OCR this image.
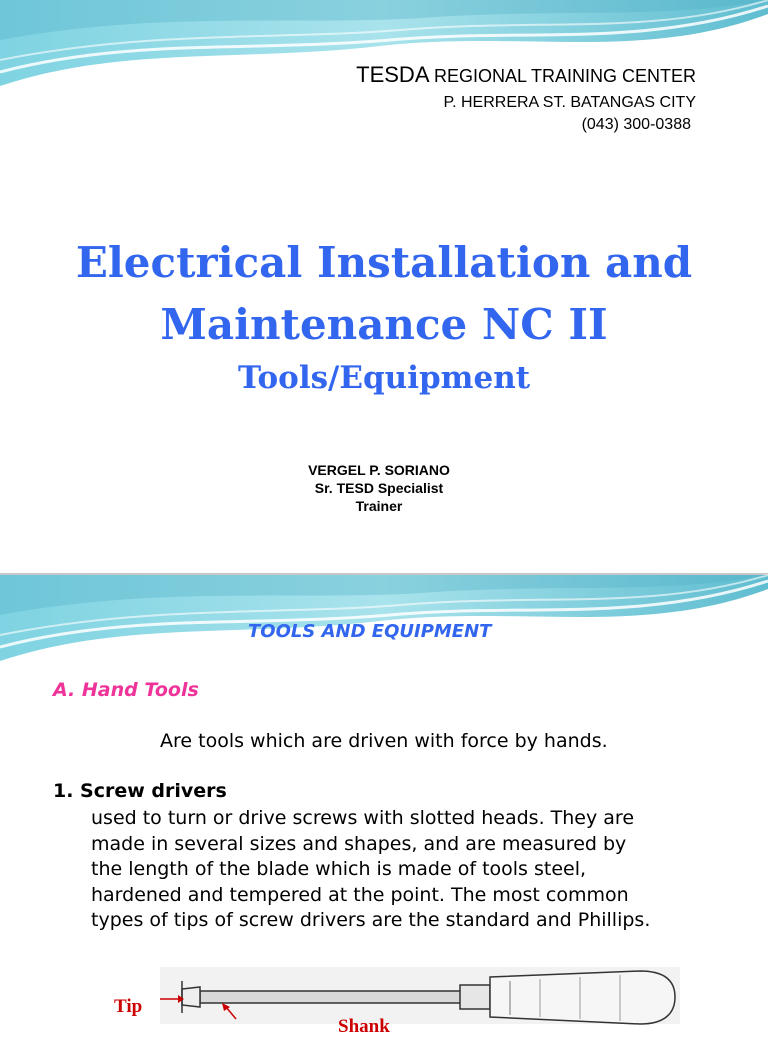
TESDA REGIONAL TRAINING CENTER

P. HERRERA ST. BATANGAS CITY
(043) 300-0388
Electrical Installation and
Maintenance NC II
Tools/Equipment
VERGEL P. SORIANO
Sr. TESD Specialist
Trainer
TOOLS AND EQUIPMENT
A. Hand Tools

Are tools which are driven with force by hands.

1. Screw drivers

used to turn or drive screws with slotted heads. They are
made in several sizes and shapes, and are measured by
the length of the blade which is made of tools steel,
hardened and tempered at the point. The most common
types of tips of screw drivers are the standard and Phillips.

Tip

Shank
